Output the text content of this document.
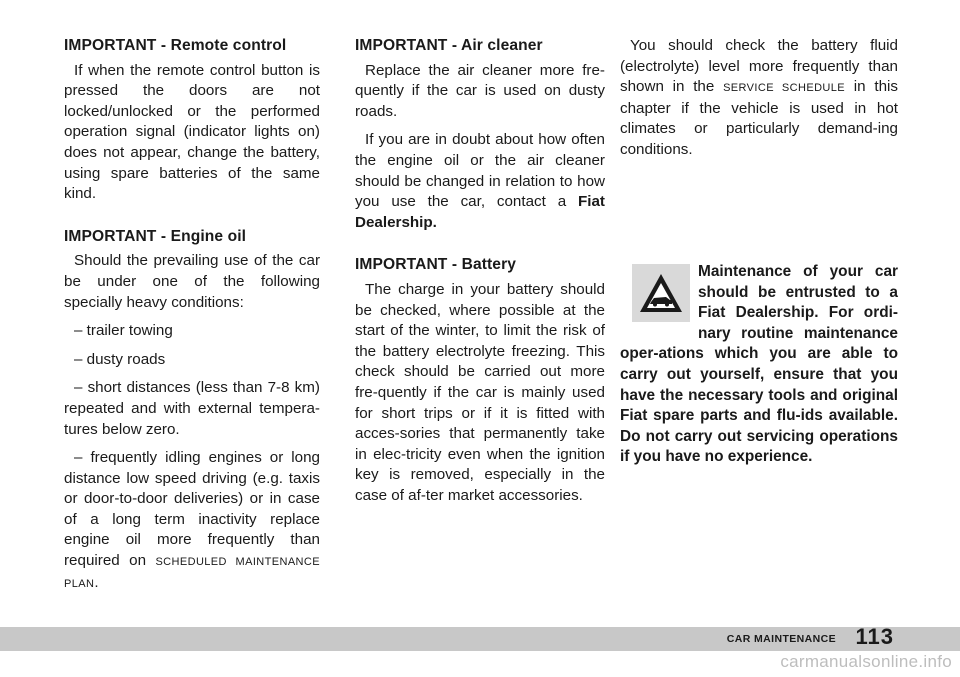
IMPORTANT - Remote control

If when the remote control button is pressed the doors are not locked/unlocked or the performed operation signal (indicator lights on) does not appear, change the battery, using spare batteries of the same kind.

IMPORTANT - Engine oil

Should the prevailing use of the car be under one of the following specially heavy conditions:

– trailer towing
– dusty roads

– short distances (less than 7-8 km) repeated and with external tempera-tures below zero.

– frequently idling engines or long distance low speed driving (e.g. taxis or door-to-door deliveries) or in case of a long term inactivity replace engine oil more frequently than required on SCHEDULED MAINTENANCE PLAN.

IMPORTANT - Air cleaner

Replace the air cleaner more fre-quently if the car is used on dusty roads.

If you are in doubt about how often the engine oil or the air cleaner should be changed in relation to how you use the car, contact a Fiat Dealership.

IMPORTANT - Battery

The charge in your battery should be checked, where possible at the start of the winter, to limit the risk of the battery electrolyte freezing. This check should be carried out more fre-quently if the car is mainly used for short trips or if it is fitted with acces-sories that permanently take in elec-tricity even when the ignition key is removed, especially in the case of af-ter market accessories.

You should check the battery fluid (electrolyte) level more frequently than shown in the SERVICE SCHEDULE in this chapter if the vehicle is used in hot climates or particularly demand-ing conditions.

Maintenance of your car should be entrusted to a Fiat Dealership. For ordi-nary routine maintenance oper-ations which you are able to carry out yourself, ensure that you have the necessary tools and original Fiat spare parts and flu-ids available. Do not carry out servicing operations if you have no experience.
CAR MAINTENANCE 113
carmanualsonline.info
